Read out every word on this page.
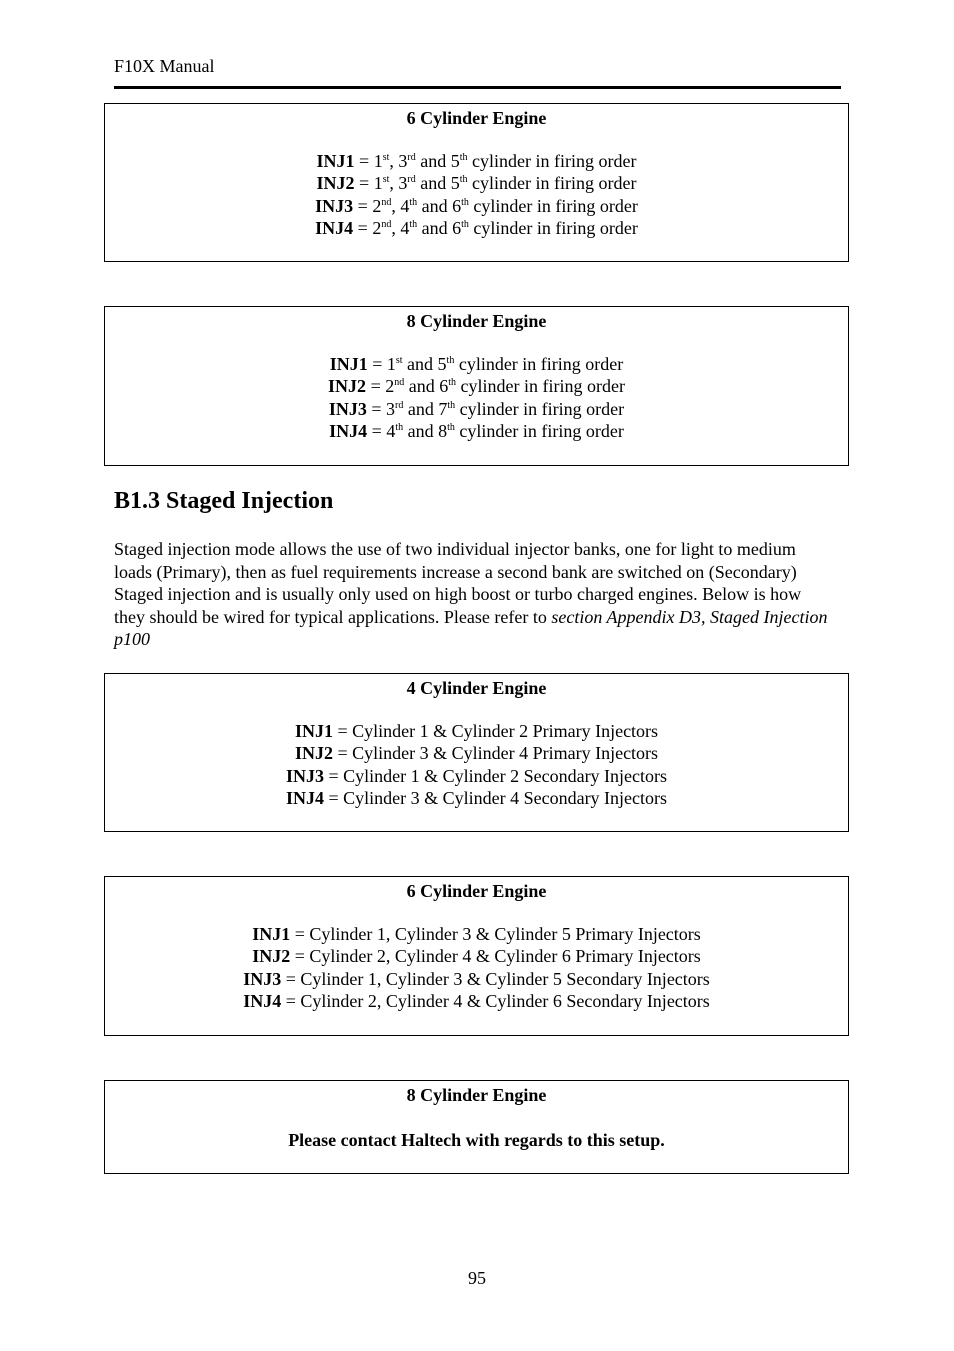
F10X Manual
6 Cylinder Engine
INJ1 = 1st, 3rd and 5th cylinder in firing order
INJ2 = 1st, 3rd and 5th cylinder in firing order
INJ3 = 2nd, 4th and 6th cylinder in firing order
INJ4 = 2nd, 4th and 6th cylinder in firing order
8 Cylinder Engine
INJ1 = 1st and 5th cylinder in firing order
INJ2 = 2nd and 6th cylinder in firing order
INJ3 = 3rd and 7th cylinder in firing order
INJ4 = 4th and 8th cylinder in firing order
B1.3 Staged Injection
Staged injection mode allows the use of two individual injector banks, one for light to medium loads (Primary), then as fuel requirements increase a second bank are switched on (Secondary) Staged injection and is usually only used on high boost or turbo charged engines. Below is how they should be wired for typical applications. Please refer to section Appendix D3, Staged Injection p100
4 Cylinder Engine
INJ1 = Cylinder 1 & Cylinder 2 Primary Injectors
INJ2 = Cylinder 3 & Cylinder 4 Primary Injectors
INJ3 = Cylinder 1 & Cylinder 2 Secondary Injectors
INJ4 = Cylinder 3 & Cylinder 4 Secondary Injectors
6 Cylinder Engine
INJ1 = Cylinder 1, Cylinder 3 & Cylinder 5 Primary Injectors
INJ2 = Cylinder 2, Cylinder 4 & Cylinder 6 Primary Injectors
INJ3 = Cylinder 1, Cylinder 3 & Cylinder 5 Secondary Injectors
INJ4 = Cylinder 2, Cylinder 4 & Cylinder 6 Secondary Injectors
8 Cylinder Engine
Please contact Haltech with regards to this setup.
95
